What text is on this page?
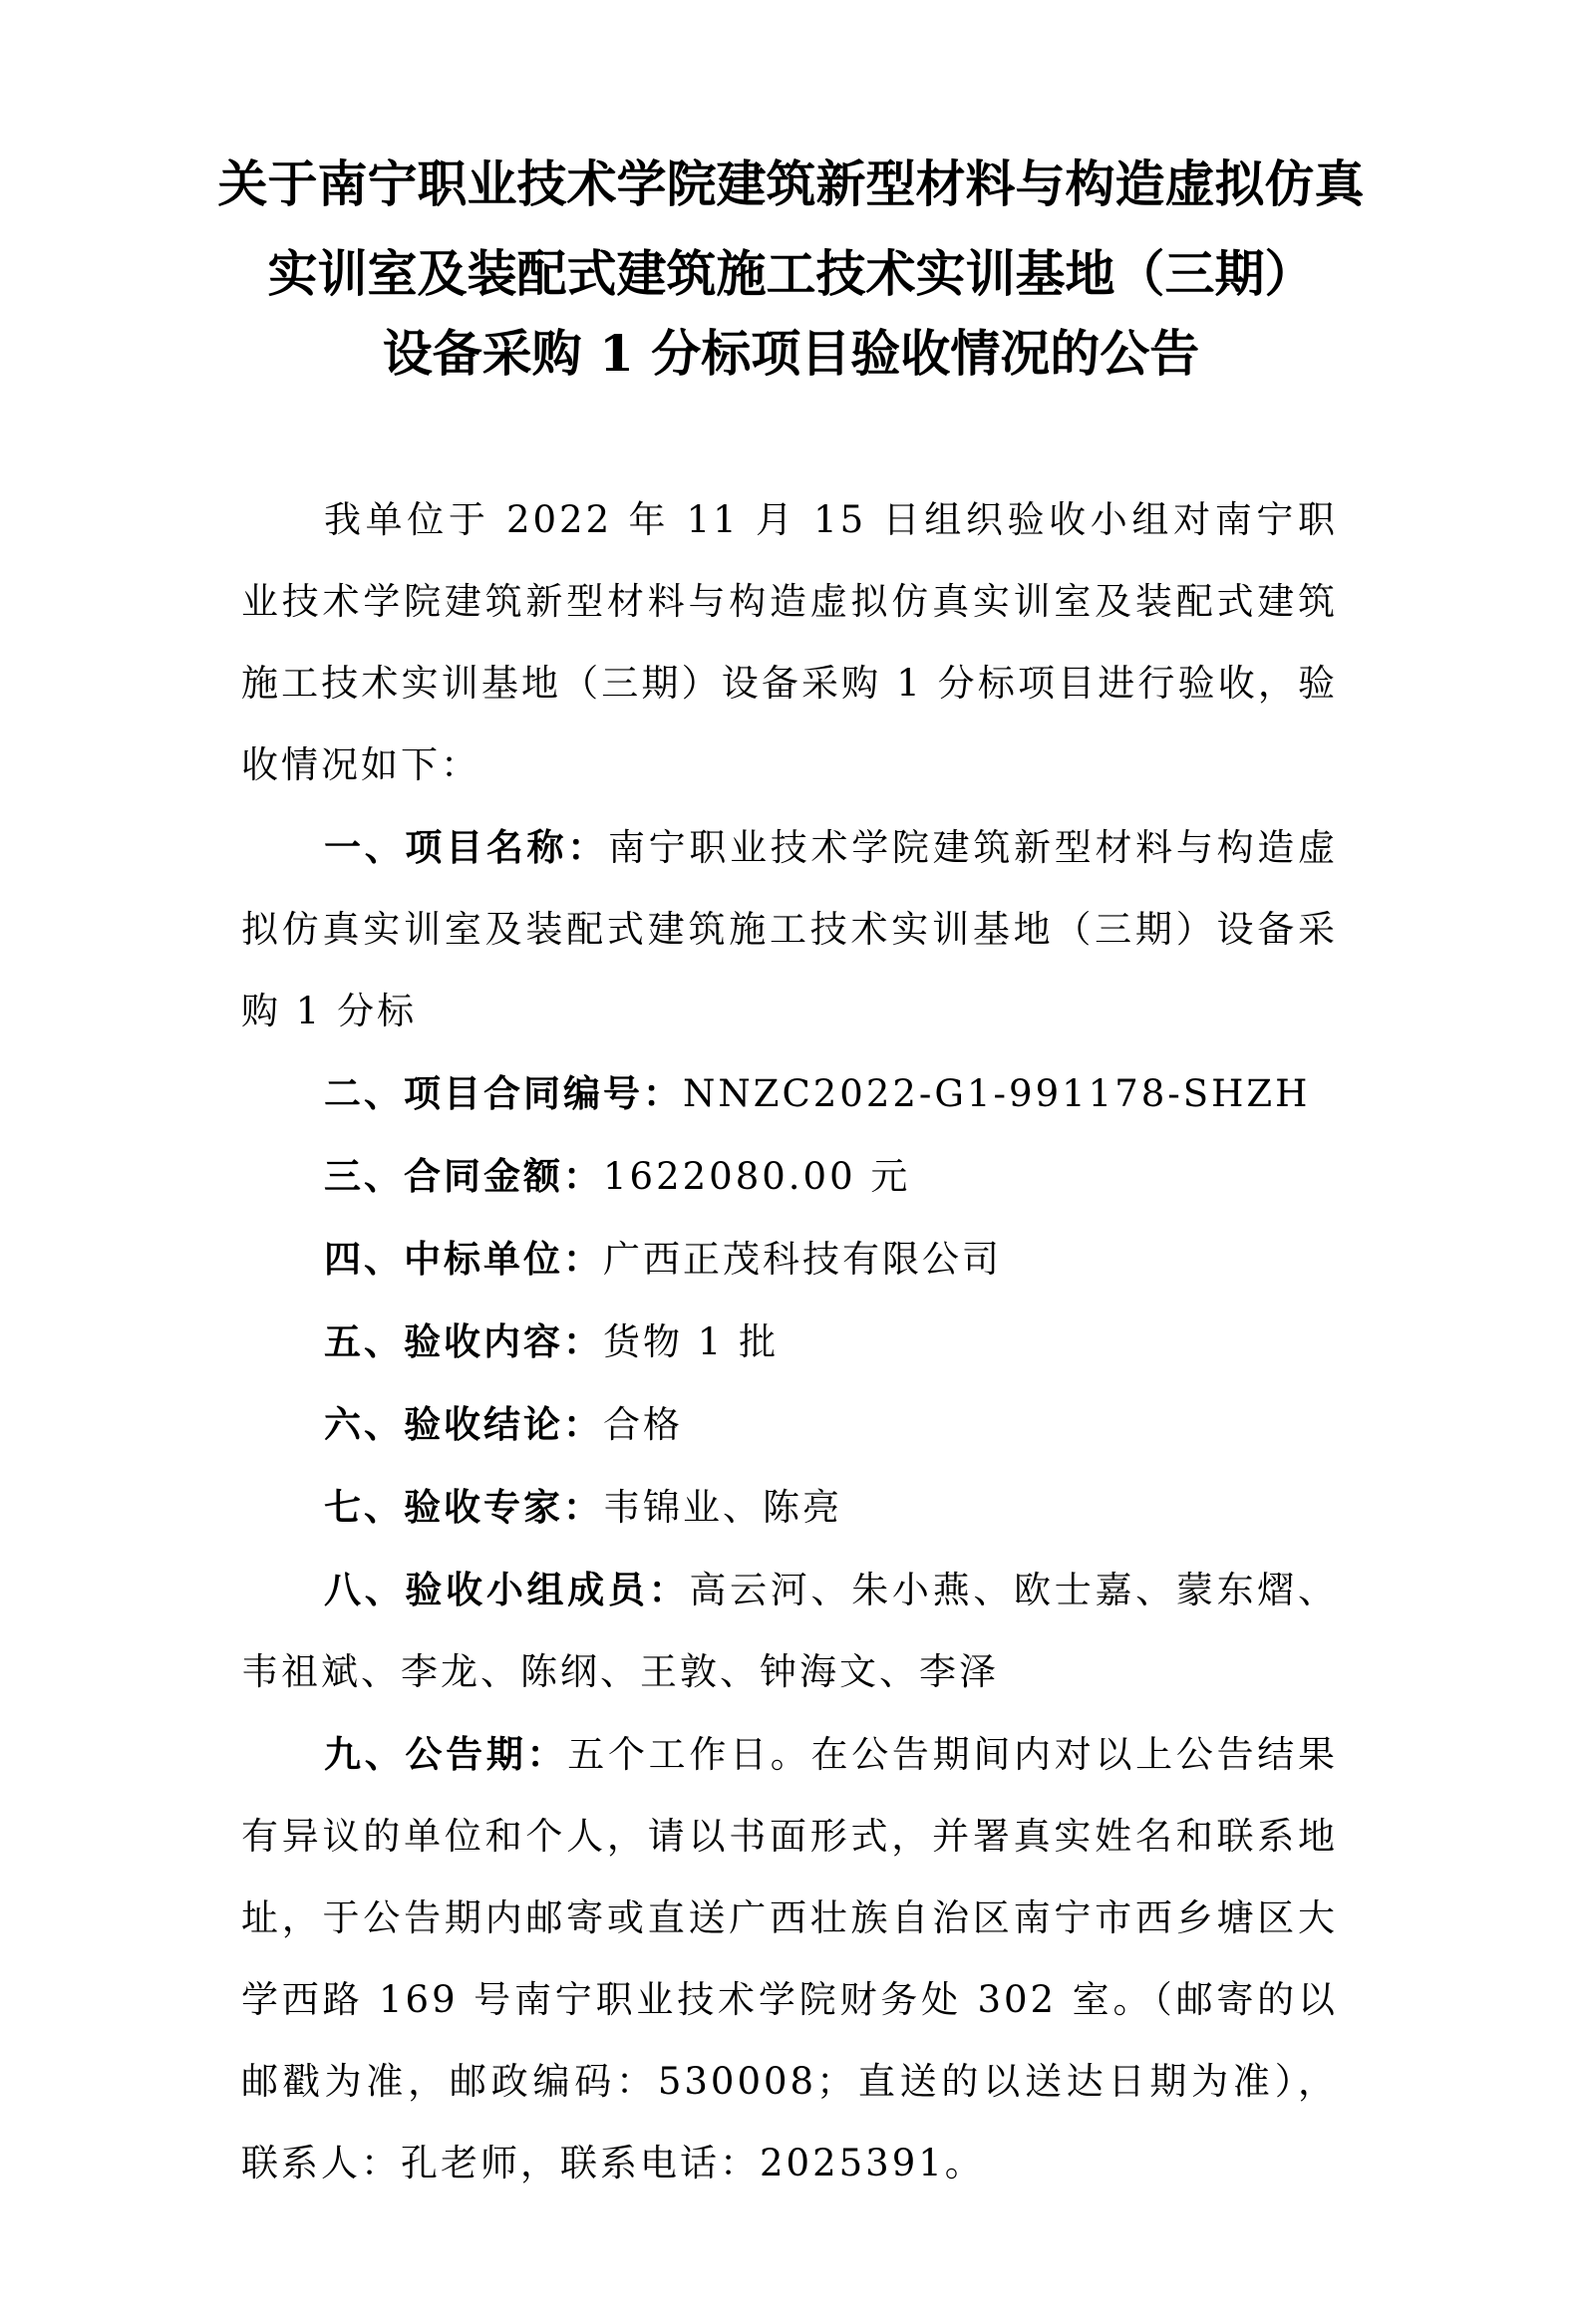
关于南宁职业技术学院建筑新型材料与构造虚拟仿真
实训室及装配式建筑施工技术实训基地（三期）
设备采购 1 分标项目验收情况的公告

我单位于 2022 年 11 月 15 日组织验收小组对南宁职业技术学院建筑新型材料与构造虚拟仿真实训室及装配式建筑施工技术实训基地（三期）设备采购 1 分标项目进行验收，验收情况如下：

一、项目名称：南宁职业技术学院建筑新型材料与构造虚拟仿真实训室及装配式建筑施工技术实训基地（三期）设备采购 1 分标

二、项目合同编号：NNZC2022-G1-991178-SHZH

三、合同金额：1622080.00 元

四、中标单位：广西正茂科技有限公司

五、验收内容：货物 1 批

六、验收结论：合格

七、验收专家：韦锦业、陈亮

八、验收小组成员：高云河、朱小燕、欧士嘉、蒙东熠、韦祖斌、李龙、陈纲、王敦、钟海文、李泽

九、公告期：五个工作日。在公告期间内对以上公告结果有异议的单位和个人，请以书面形式，并署真实姓名和联系地址，于公告期内邮寄或直送广西壮族自治区南宁市西乡塘区大学西路 169 号南宁职业技术学院财务处 302 室。（邮寄的以邮戳为准，邮政编码：530008；直送的以送达日期为准），联系人：孔老师，联系电话：2025391。
